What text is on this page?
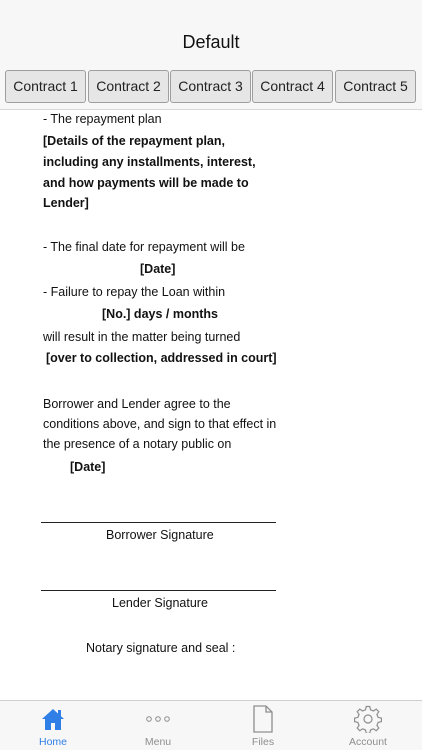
Default
Contract 1	Contract 2	Contract 3	Contract 4	Contract 5
- The repayment plan
[Details of the repayment plan,
including any installments, interest,
and how payments will be made to
Lender]
- The final date for repayment will be
[Date]
- Failure to repay the Loan within
[No.] days / months
will result in the matter being turned
[over to collection, addressed in court]
Borrower and Lender agree to the
conditions above, and sign to that effect in
the presence of a notary public on
[Date]
Borrower Signature
Lender Signature
Notary signature and seal :
Home	Menu	Files	Account
